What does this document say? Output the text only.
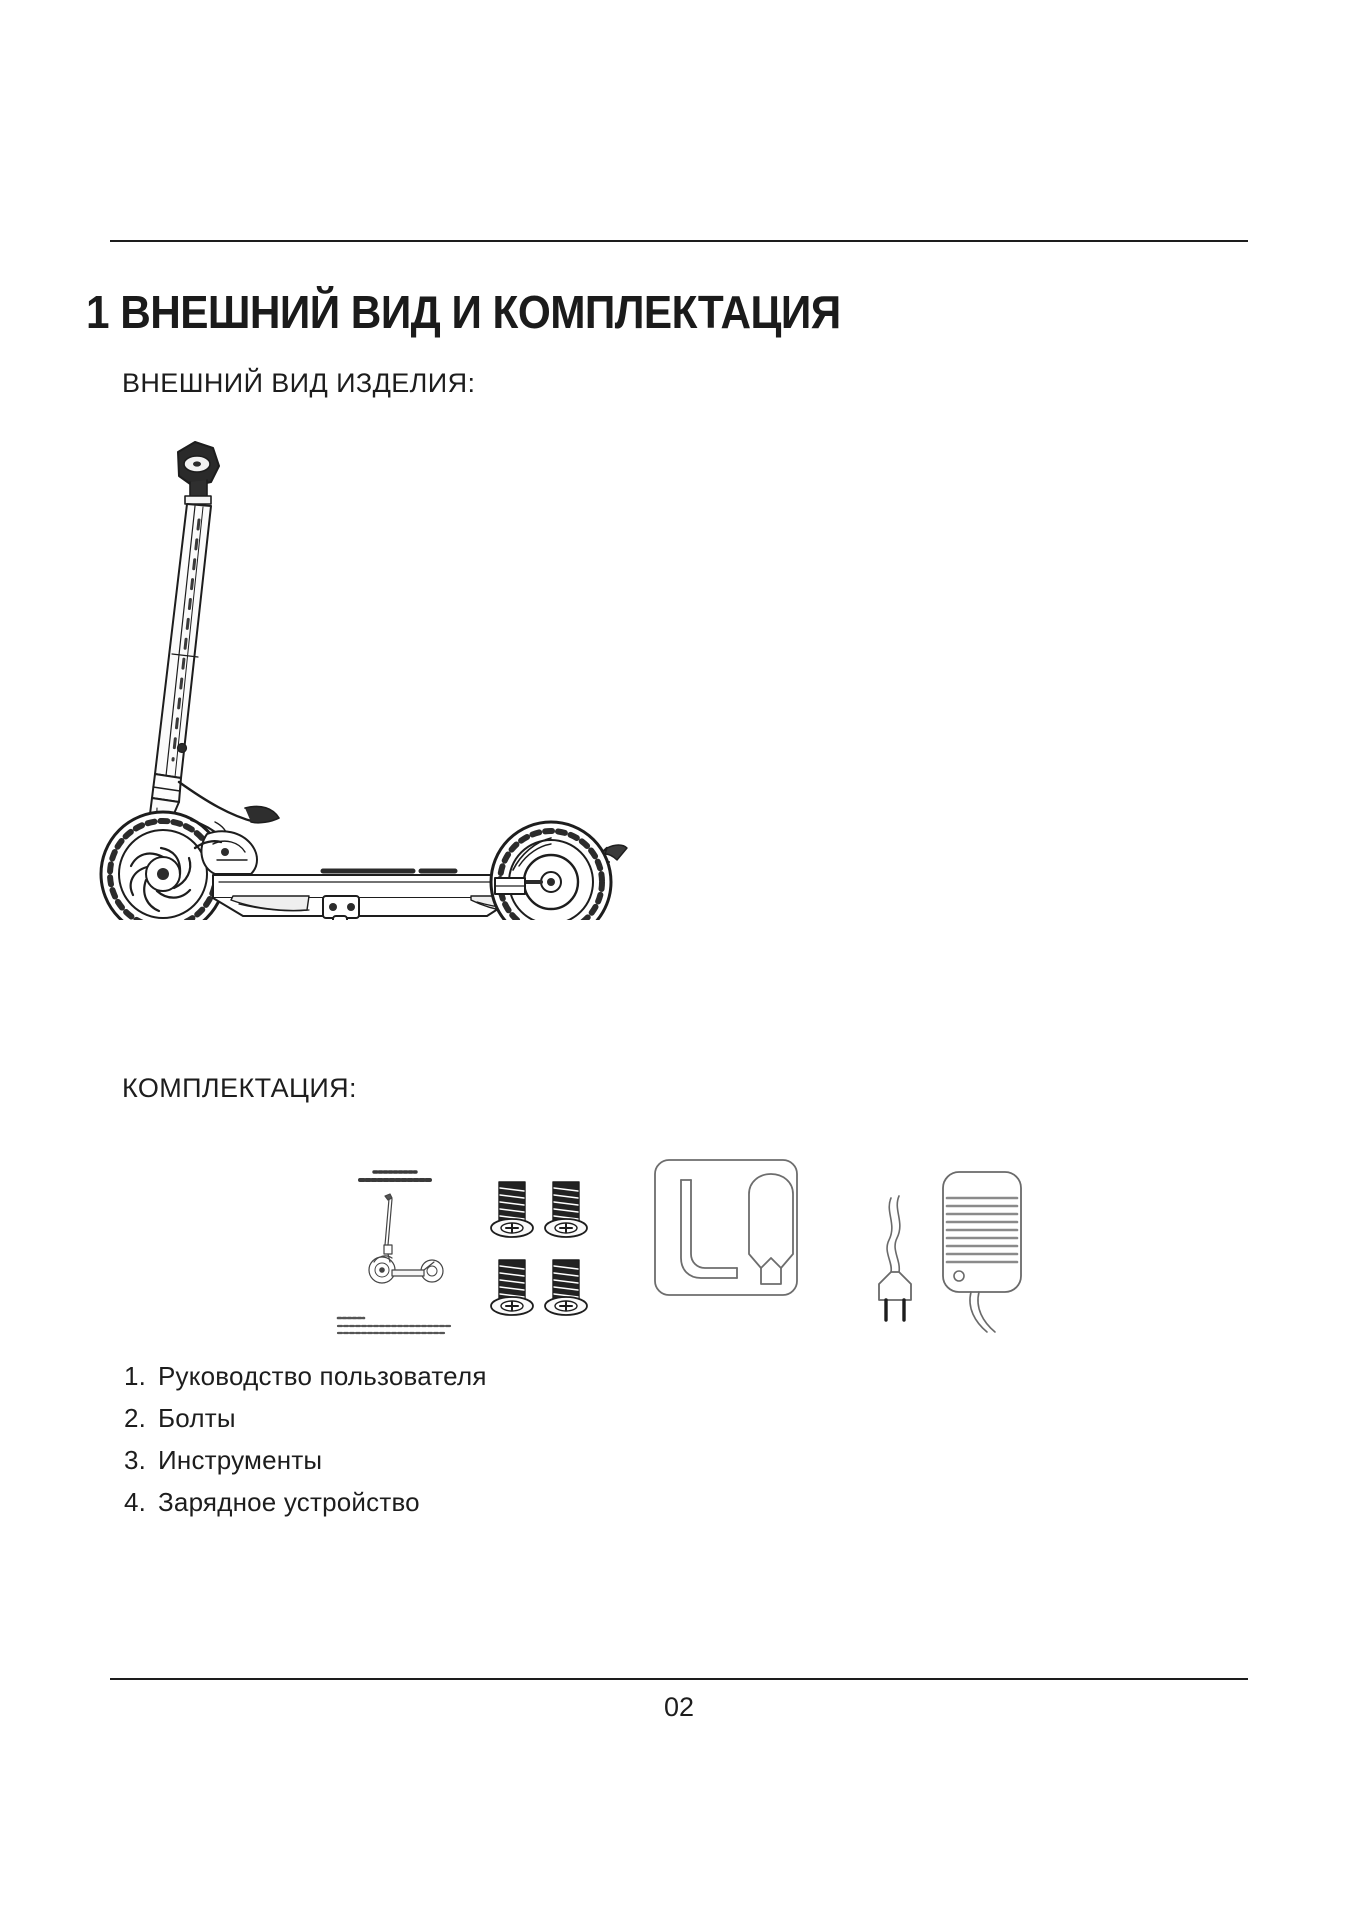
1 ВНЕШНИЙ ВИД И КОМПЛЕКТАЦИЯ
ВНЕШНИЙ ВИД ИЗДЕЛИЯ:
КОМПЛЕКТАЦИЯ:
1. Руководство пользователя
2. Болты
3. Инструменты
4. Зарядное устройство
02
